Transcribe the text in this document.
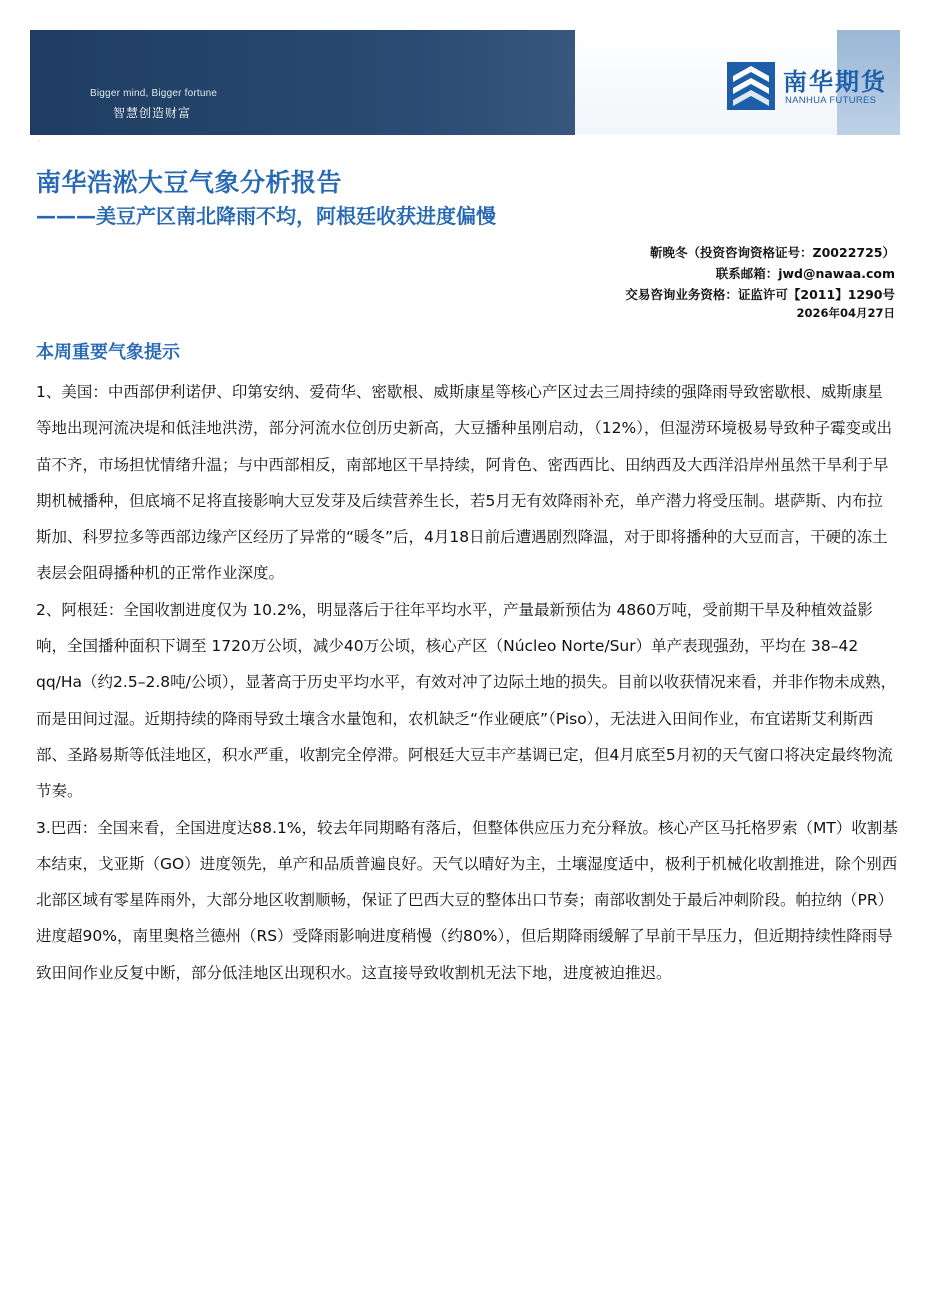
Bigger mind, Bigger fortune
智慧创造财富
南华期货
NANHUA FUTURES
·
南华浩淞大豆气象分析报告
———美豆产区南北降雨不均，阿根廷收获进度偏慢
靳晚冬（投资咨询资格证号：Z0022725）
联系邮箱：jwd@nawaa.com
交易咨询业务资格：证监许可【2011】1290号
2026年04月27日
本周重要气象提示

1、美国：中西部伊利诺伊、印第安纳、爱荷华、密歇根、威斯康星等核心产区过去三周持续的强降雨导致密歇根、威斯康星等地出现河流决堤和低洼地洪涝，部分河流水位创历史新高，大豆播种虽刚启动，（12%），但湿涝环境极易导致种子霉变或出苗不齐，市场担忧情绪升温；与中西部相反，南部地区干旱持续，阿肯色、密西西比、田纳西及大西洋沿岸州虽然干旱利于早期机械播种，但底墒不足将直接影响大豆发芽及后续营养生长，若5月无有效降雨补充，单产潜力将受压制。堪萨斯、内布拉斯加、科罗拉多等西部边缘产区经历了异常的“暖冬”后，4月18日前后遭遇剧烈降温，对于即将播种的大豆而言，干硬的冻土表层会阻碍播种机的正常作业深度。

2、阿根廷：全国收割进度仅为 10.2%，明显落后于往年平均水平，产量最新预估为 4860万吨，受前期干旱及种植效益影响，全国播种面积下调至 1720万公顷，减少40万公顷，核心产区（Núcleo Norte/Sur）单产表现强劲，平均在 38–42 qq/Ha（约2.5–2.8吨/公顷），显著高于历史平均水平，有效对冲了边际土地的损失。目前以收获情况来看，并非作物未成熟，而是田间过湿。近期持续的降雨导致土壤含水量饱和，农机缺乏“作业硬底”（Piso），无法进入田间作业，布宜诺斯艾利斯西部、圣路易斯等低洼地区，积水严重，收割完全停滞。阿根廷大豆丰产基调已定，但4月底至5月初的天气窗口将决定最终物流节奏。

3.巴西：全国来看，全国进度达88.1%，较去年同期略有落后，但整体供应压力充分释放。核心产区马托格罗索（MT）收割基本结束，戈亚斯（GO）进度领先，单产和品质普遍良好。天气以晴好为主，土壤湿度适中，极利于机械化收割推进，除个别西北部区域有零星阵雨外，大部分地区收割顺畅，保证了巴西大豆的整体出口节奏；南部收割处于最后冲刺阶段。帕拉纳（PR）进度超90%，南里奥格兰德州（RS）受降雨影响进度稍慢（约80%），但后期降雨缓解了早前干旱压力，但近期持续性降雨导致田间作业反复中断，部分低洼地区出现积水。这直接导致收割机无法下地，进度被迫推迟。
